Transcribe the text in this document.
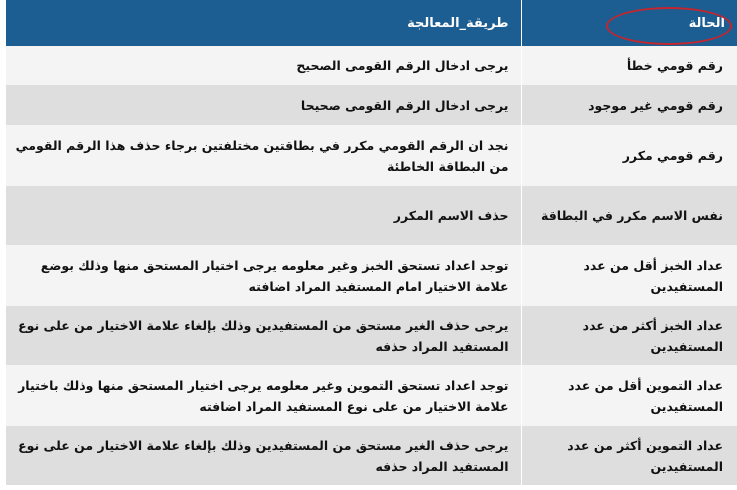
الحالة	طريقة_المعالجة
رقم قومي خطأ	يرجى ادخال الرقم القومى الصحيح
رقم قومي غير موجود	يرجى ادخال الرقم القومى صحيحا
رقم قومي مكرر	نجد ان الرقم القومي مكرر في بطاقتين مختلفتين برجاء حذف هذا الرقم القومي من البطاقة الخاطئة
نفس الاسم مكرر في البطاقة	حذف الاسم المكرر
عداد الخبز أقل من عدد المستفيدين	توجد اعداد تستحق الخبز وغير معلومه يرجى اختيار المستحق منها وذلك بوضع علامة الاختيار امام المستفيد المراد اضافته
عداد الخبز أكثر من عدد المستفيدين	يرجى حذف الغير مستحق من المستفيدين وذلك بإلغاء علامة الاختيار من على نوع المستفيد المراد حذفه
عداد التموين أقل من عدد المستفيدين	توجد اعداد تستحق التموين وغير معلومه يرجى اختيار المستحق منها وذلك باختيار علامة الاختيار من على نوع المستفيد المراد اضافته
عداد التموين أكثر من عدد المستفيدين	يرجى حذف الغير مستحق من المستفيدين وذلك بإلغاء علامة الاختيار من على نوع المستفيد المراد حذفه
